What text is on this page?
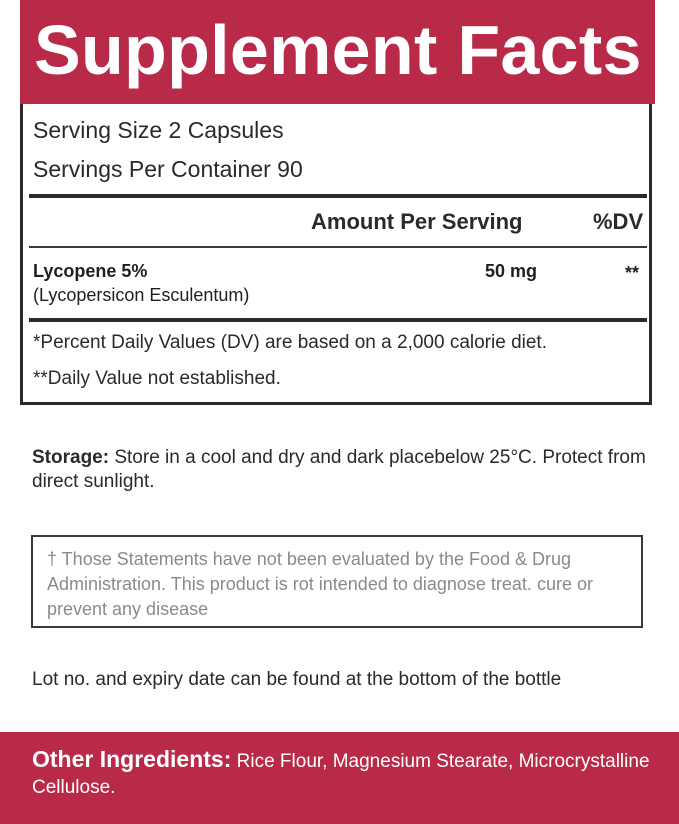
Supplement Facts
Serving Size 2 Capsules
Servings Per Container 90
Amount Per Serving	%DV
Lycopene 5%
(Lycopersicon Esculentum)
50 mg	**
*Percent Daily Values (DV) are based on a 2,000 calorie diet.
**Daily Value not established.
Storage: Store in a cool and dry and dark placebelow 25°C. Protect from direct sunlight.
† Those Statements have not been evaluated by the Food & Drug Administration. This product is rot intended to diagnose treat. cure or prevent any disease
Lot no. and expiry date can be found at the bottom of the bottle
Other Ingredients: Rice Flour, Magnesium Stearate, Microcrystalline Cellulose.
